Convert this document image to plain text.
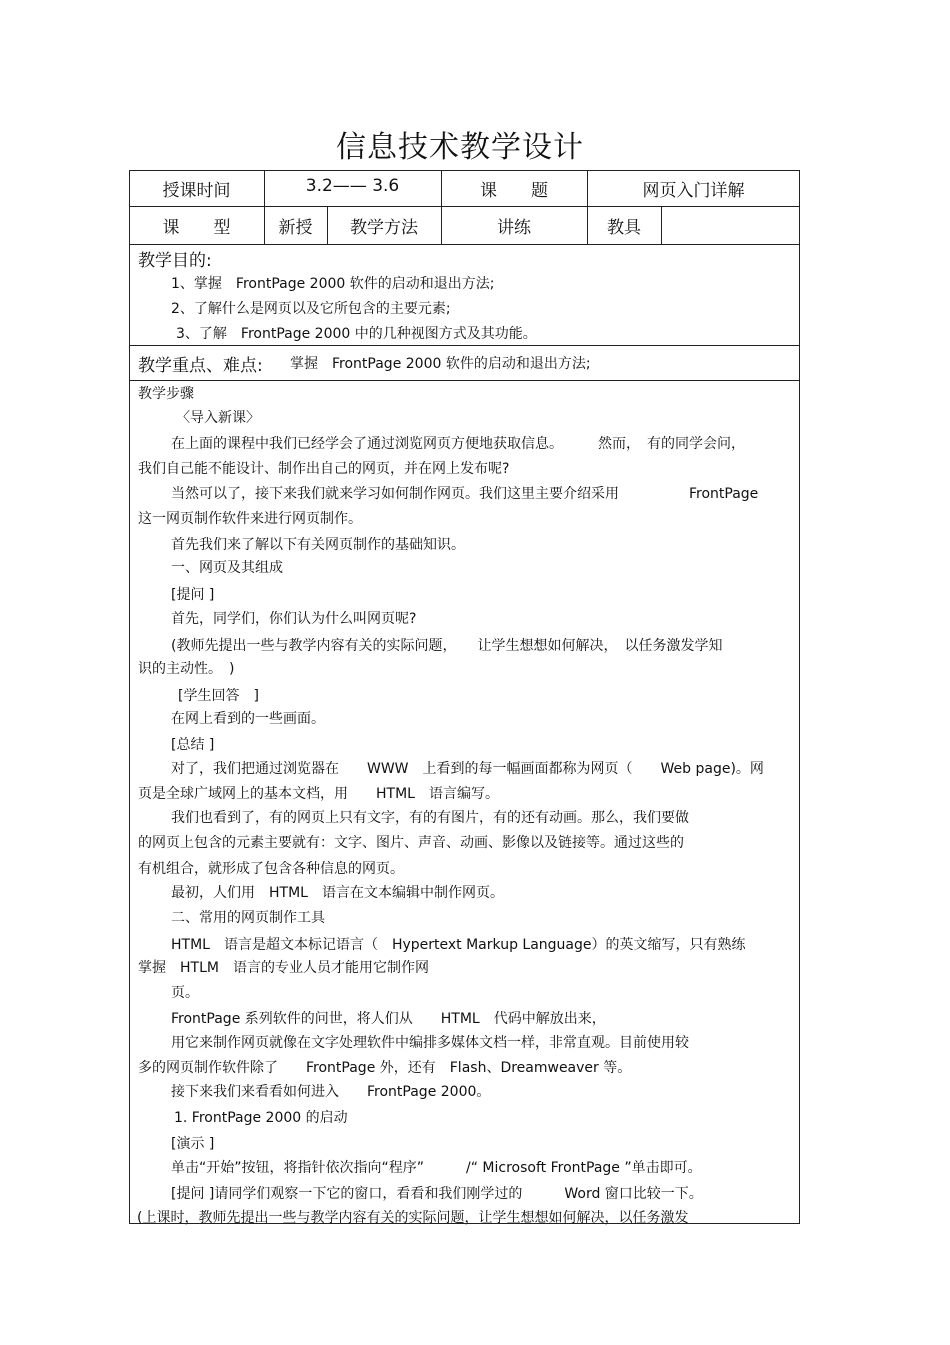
信息技术教学设计
授课时间	3.2—— 3.6	课　　题	网页入门详解
课　　型	新授	教学方法	讲练	教具
教学目的:
1、掌握　FrontPage 2000 软件的启动和退出方法;
2、了解什么是网页以及它所包含的主要元素;
3、了解　FrontPage 2000 中的几种视图方式及其功能。
教学重点、难点: 掌握　FrontPage 2000 软件的启动和退出方法;
教学步骤
〈导入新课〉
在上面的课程中我们已经学会了通过浏览网页方便地获取信息。　　　然而，　有的同学会问，
我们自己能不能设计、制作出自己的网页，并在网上发布呢?
当然可以了，接下来我们就来学习如何制作网页。我们这里主要介绍采用　　　　　FrontPage
这一网页制作软件来进行网页制作。
首先我们来了解以下有关网页制作的基础知识。
一、网页及其组成
[提问 ]
首先，同学们，你们认为什么叫网页呢?
(教师先提出一些与教学内容有关的实际问题，　　让学生想想如何解决，　以任务激发学知
识的主动性。　)
[学生回答　]
在网上看到的一些画面。
[总结 ]
对了，我们把通过浏览器在　　WWW　上看到的每一幅画面都称为网页（　　Web page)。网
页是全球广域网上的基本文档，用　　HTML　语言编写。
我们也看到了，有的网页上只有文字，有的有图片，有的还有动画。那么，我们要做
的网页上包含的元素主要就有：文字、图片、声音、动画、影像以及链接等。通过这些的
有机组合，就形成了包含各种信息的网页。
最初，人们用　HTML　语言在文本编辑中制作网页。
二、常用的网页制作工具
HTML　语言是超文本标记语言（　Hypertext Markup Language）的英文缩写，只有熟练
掌握　HTLM　语言的专业人员才能用它制作网
页。
FrontPage 系列软件的问世，将人们从　　HTML　代码中解放出来，
用它来制作网页就像在文字处理软件中编排多媒体文档一样，非常直观。目前使用较
多的网页制作软件除了　　FrontPage 外，还有　Flash、Dreamweaver 等。
接下来我们来看看如何进入　　FrontPage 2000。
1. FrontPage 2000 的启动
[演示 ]
单击“开始”按钮，将指针依次指向“程序”　　　/“ Microsoft FrontPage ”单击即可。
[提问 ]请同学们观察一下它的窗口，看看和我们刚学过的　　　Word 窗口比较一下。
(上课时，教师先提出一些与教学内容有关的实际问题，让学生想想如何解决，以任务激发
